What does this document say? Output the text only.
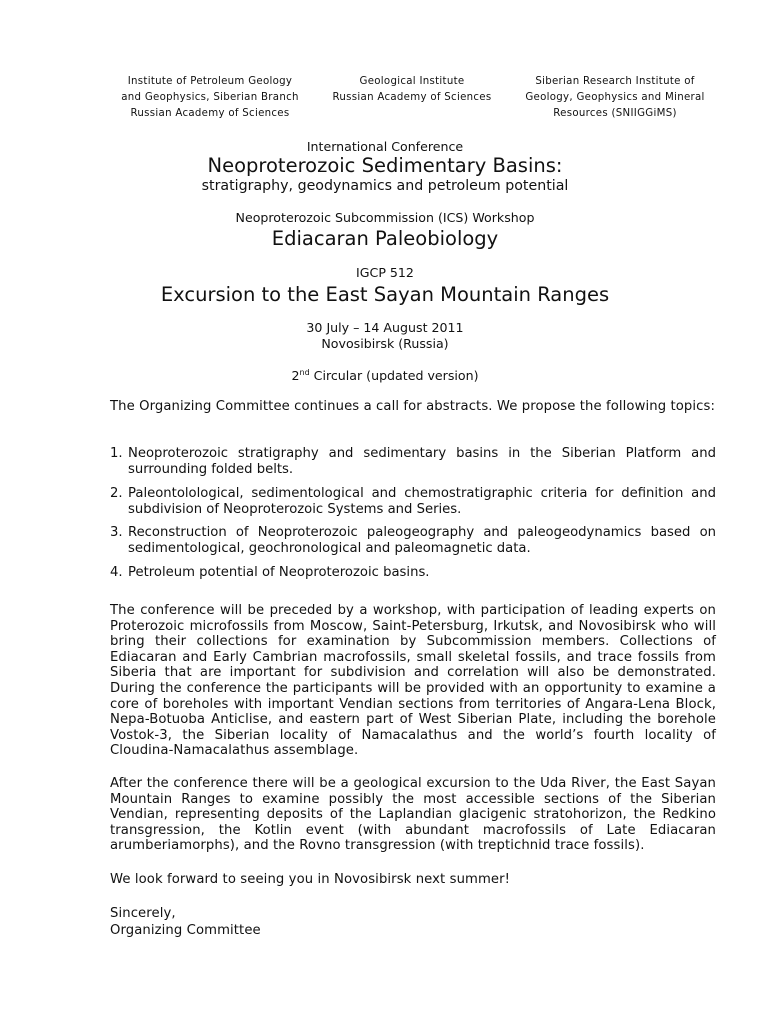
Institute of Petroleum Geology
and Geophysics, Siberian Branch
Russian Academy of Sciences
Geological Institute
Russian Academy of Sciences
Siberian Research Institute of
Geology, Geophysics and Mineral
Resources (SNIIGGiMS)
International Conference
Neoproterozoic Sedimentary Basins:
stratigraphy, geodynamics and petroleum potential
Neoproterozoic Subcommission (ICS) Workshop
Ediacaran Paleobiology
IGCP 512
Excursion to the East Sayan Mountain Ranges
30 July – 14 August 2011
Novosibirsk (Russia)
2nd Circular (updated version)
The Organizing Committee continues a call for abstracts. We propose the following topics:
1. Neoproterozoic stratigraphy and sedimentary basins in the Siberian Platform and surrounding folded belts.
2. Paleontolological, sedimentological and chemostratigraphic criteria for definition and subdivision of Neoproterozoic Systems and Series.
3. Reconstruction of Neoproterozoic paleogeography and paleogeodynamics based on sedimentological, geochronological and paleomagnetic data.
4. Petroleum potential of Neoproterozoic basins.
The conference will be preceded by a workshop, with participation of leading experts on Proterozoic microfossils from Moscow, Saint-Petersburg, Irkutsk, and Novosibirsk who will bring their collections for examination by Subcommission members. Collections of Ediacaran and Early Cambrian macrofossils, small skeletal fossils, and trace fossils from Siberia that are important for subdivision and correlation will also be demonstrated. During the conference the participants will be provided with an opportunity to examine a core of boreholes with important Vendian sections from territories of Angara-Lena Block, Nepa-Botuoba Anticlise, and eastern part of West Siberian Plate, including the borehole Vostok-3, the Siberian locality of Namacalathus and the world’s fourth locality of Cloudina-Namacalathus assemblage.
After the conference there will be a geological excursion to the Uda River, the East Sayan Mountain Ranges to examine possibly the most accessible sections of the Siberian Vendian, representing deposits of the Laplandian glacigenic stratohorizon, the Redkino transgression, the Kotlin event (with abundant macrofossils of Late Ediacaran arumberiamorphs), and the Rovno transgression (with treptichnid trace fossils).
We look forward to seeing you in Novosibirsk next summer!
Sincerely,
Organizing Committee
